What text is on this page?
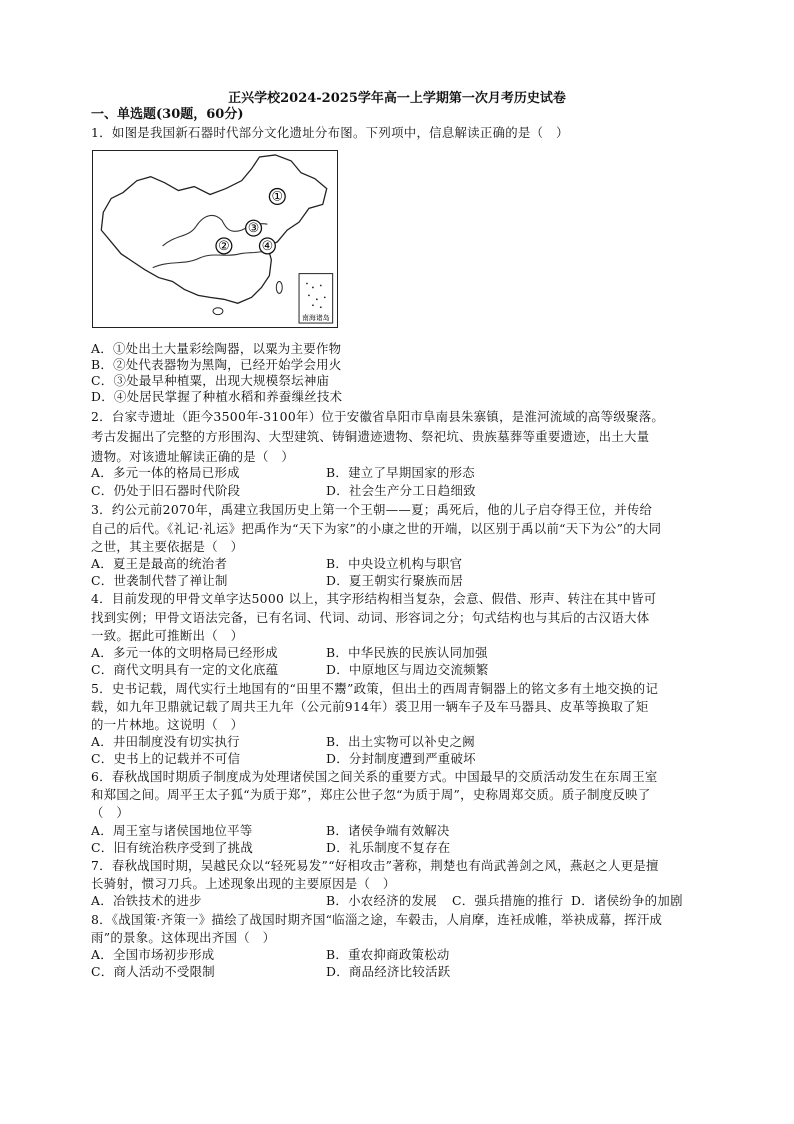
正兴学校2024-2025学年高一上学期第一次月考历史试卷
一、单选题(30题，60分)
1．如图是我国新石器时代部分文化遗址分布图。下列项中，信息解读正确的是（　）
①
②
③
④
南海诸岛
A．①处出土大量彩绘陶器，以粟为主要作物
B．②处代表器物为黑陶，已经开始学会用火
C．③处最早种植粟，出现大规模祭坛神庙
D．④处居民掌握了种植水稻和养蚕缫丝技术
2．台家寺遗址（距今3500年-3100年）位于安徽省阜阳市阜南县朱寨镇，是淮河流域的高等级聚落。
考古发掘出了完整的方形围沟、大型建筑、铸铜遗迹遗物、祭祀坑、贵族墓葬等重要遗迹，出土大量
遗物。对该遗址解读正确的是（　）
A．多元一体的格局已形成	B．建立了早期国家的形态
C．仍处于旧石器时代阶段	D．社会生产分工日趋细致
3．约公元前2070年，禹建立我国历史上第一个王朝——夏；禹死后，他的儿子启夺得王位，并传给
自己的后代。《礼记·礼运》把禹作为“天下为家”的小康之世的开端，以区别于禹以前“天下为公”的大同
之世，其主要依据是（　）
A．夏王是最高的统治者	B．中央设立机构与职官
C．世袭制代替了禅让制	D．夏王朝实行聚族而居
4．目前发现的甲骨文单字达5000 以上，其字形结构相当复杂，会意、假借、形声、转注在其中皆可
找到实例；甲骨文语法完备，已有名词、代词、动词、形容词之分；句式结构也与其后的古汉语大体
一致。据此可推断出（　）
A．多元一体的文明格局已经形成	B．中华民族的民族认同加强
C．商代文明具有一定的文化底蕴	D．中原地区与周边交流频繁
5．史书记载，周代实行土地国有的“田里不鬻”政策，但出土的西周青铜器上的铭文多有土地交换的记
载，如九年卫鼎就记载了周共王九年（公元前914年）裘卫用一辆车子及车马器具、皮革等换取了矩
的一片林地。这说明（　）
A．井田制度没有切实执行	B．出土实物可以补史之阙
C．史书上的记载并不可信	D．分封制度遭到严重破坏
6．春秋战国时期质子制度成为处理诸侯国之间关系的重要方式。中国最早的交质活动发生在东周王室
和郑国之间。周平王太子狐“为质于郑”，郑庄公世子忽“为质于周”，史称周郑交质。质子制度反映了
（　）
A．周王室与诸侯国地位平等	B．诸侯争端有效解决
C．旧有统治秩序受到了挑战	D．礼乐制度不复存在
7．春秋战国时期，吴越民众以“轻死易发”“好相攻击”著称，荆楚也有尚武善剑之风，燕赵之人更是擅
长骑射，惯习刀兵。上述现象出现的主要原因是（　）
A．冶铁技术的进步	B．小农经济的发展 C．强兵措施的推行 D．诸侯纷争的加剧
8．《战国策·齐策一》描绘了战国时期齐国“临淄之途，车毂击，人肩摩，连衽成帷，举袂成幕，挥汗成
雨”的景象。这体现出齐国（　）
A．全国市场初步形成	B．重农抑商政策松动
C．商人活动不受限制	D．商品经济比较活跃
